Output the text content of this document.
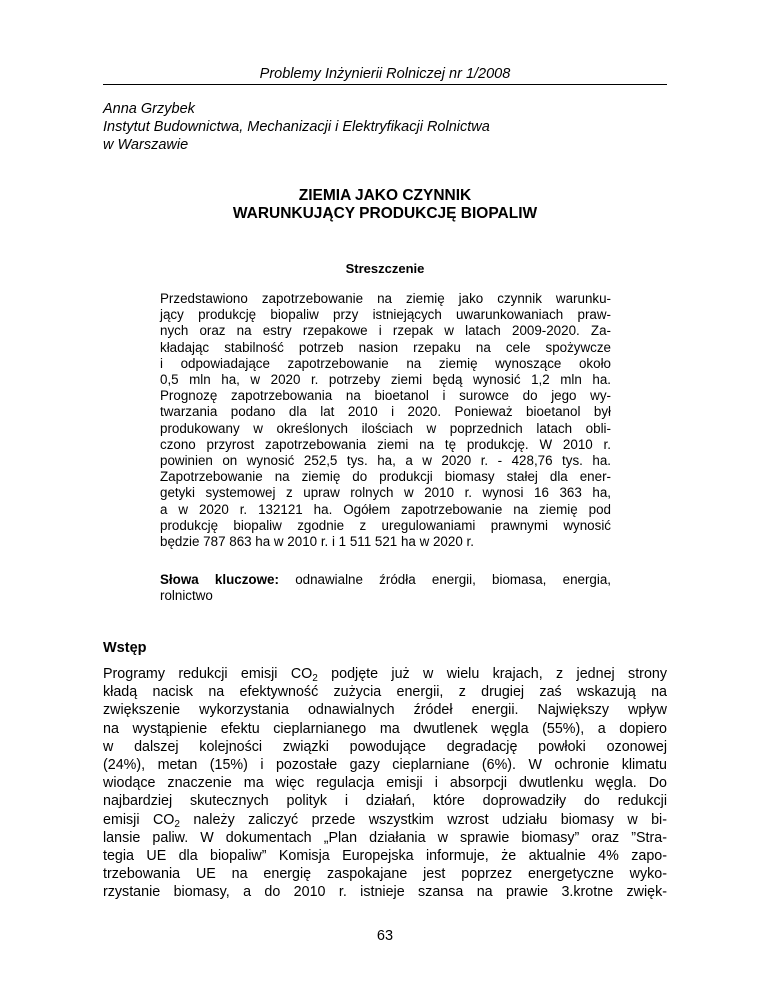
Problemy Inżynierii Rolniczej nr 1/2008
Anna Grzybek
Instytut Budownictwa, Mechanizacji i Elektryfikacji Rolnictwa
w Warszawie
ZIEMIA JAKO CZYNNIK
WARUNKUJĄCY PRODUKCJĘ BIOPALIW
Streszczenie
Przedstawiono zapotrzebowanie na ziemię jako czynnik warunku-
jący produkcję biopaliw przy istniejących uwarunkowaniach praw-
nych oraz na estry rzepakowe i rzepak w latach 2009-2020. Za-
kładając stabilność potrzeb nasion rzepaku na cele spożywcze
i odpowiadające zapotrzebowanie na ziemię wynoszące około
0,5 mln ha, w 2020 r. potrzeby ziemi będą wynosić 1,2 mln ha.
Prognozę zapotrzebowania na bioetanol i surowce do jego wy-
twarzania podano dla lat 2010 i 2020. Ponieważ bioetanol był
produkowany w określonych ilościach w poprzednich latach obli-
czono przyrost zapotrzebowania ziemi na tę produkcję. W 2010 r.
powinien on wynosić 252,5 tys. ha, a w 2020 r. - 428,76 tys. ha.
Zapotrzebowanie na ziemię do produkcji biomasy stałej dla ener-
getyki systemowej z upraw rolnych w 2010 r. wynosi 16 363 ha,
a w 2020 r. 132121 ha. Ogółem zapotrzebowanie na ziemię pod
produkcję biopaliw zgodnie z uregulowaniami prawnymi wynosić
będzie 787 863 ha w 2010 r. i 1 511 521 ha w 2020 r.
Słowa kluczowe: odnawialne źródła energii, biomasa, energia,
rolnictwo
Wstęp
Programy redukcji emisji $CO_2$ podjęte już w wielu krajach, z jednej strony
kładą nacisk na efektywność zużycia energii, z drugiej zaś wskazują na
zwiększenie wykorzystania odnawialnych źródeł energii. Największy wpływ
na wystąpienie efektu cieplarnianego ma dwutlenek węgla (55%), a dopiero
w dalszej kolejności związki powodujące degradację powłoki ozonowej
(24%), metan (15%) i pozostałe gazy cieplarniane (6%). W ochronie klimatu
wiodące znaczenie ma więc regulacja emisji i absorpcji dwutlenku węgla. Do
najbardziej skutecznych polityk i działań, które doprowadziły do redukcji
emisji $CO_2$ należy zaliczyć przede wszystkim wzrost udziału biomasy w bi-
lansie paliw. W dokumentach „Plan działania w sprawie biomasy” oraz ”Stra-
tegia UE dla biopaliw” Komisja Europejska informuje, że aktualnie 4% zapo-
trzebowania UE na energię zaspokajane jest poprzez energetyczne wyko-
rzystanie biomasy, a do 2010 r. istnieje szansa na prawie 3.krotne zwięk-
63
